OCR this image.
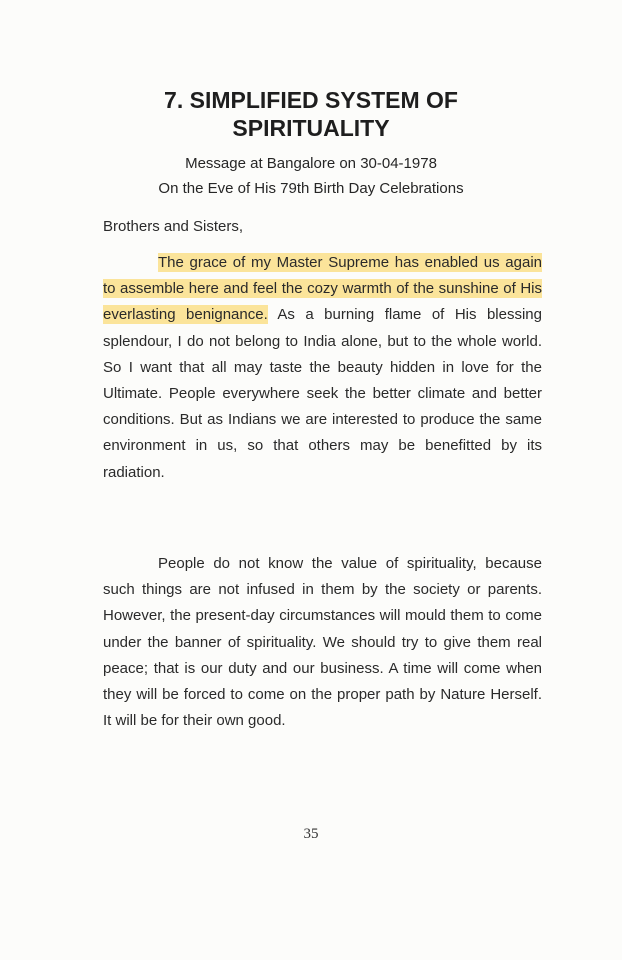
7. SIMPLIFIED SYSTEM OF
SPIRITUALITY
Message at Bangalore on 30-04-1978
On the Eve of His 79th Birth Day Celebrations
Brothers and Sisters,

The grace of my Master Supreme has enabled us again to assemble here and feel the cozy warmth of the sunshine of His everlasting benignance. As a burning flame of His blessing splendour, I do not belong to India alone, but to the whole world. So I want that all may taste the beauty hidden in love for the Ultimate. People everywhere seek the better climate and better conditions. But as Indians we are interested to produce the same environment in us, so that others may be benefitted by its radiation.

People do not know the value of spirituality, because such things are not infused in them by the society or parents. However, the present-day circumstances will mould them to come under the banner of spirituality. We should try to give them real peace; that is our duty and our business. A time will come when they will be forced to come on the proper path by Nature Herself. It will be for their own good.

35
